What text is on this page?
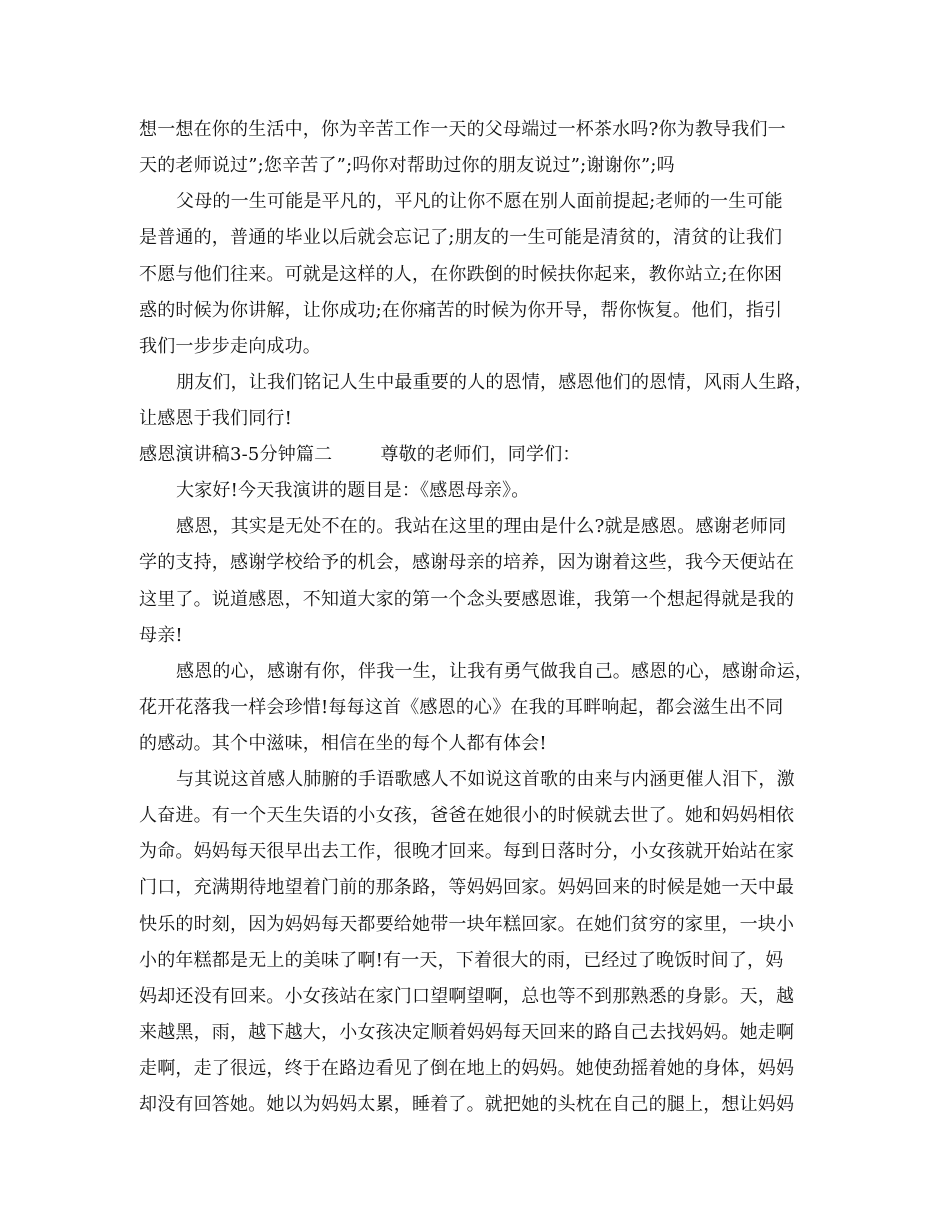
想一想在你的生活中，你为辛苦工作一天的父母端过一杯茶水吗?你为教导我们一
天的老师说过”;您辛苦了”;吗你对帮助过你的朋友说过”;谢谢你”;吗
父母的一生可能是平凡的，平凡的让你不愿在别人面前提起;老师的一生可能
是普通的，普通的毕业以后就会忘记了;朋友的一生可能是清贫的，清贫的让我们
不愿与他们往来。可就是这样的人，在你跌倒的时候扶你起来，教你站立;在你困
惑的时候为你讲解，让你成功;在你痛苦的时候为你开导，帮你恢复。他们，指引
我们一步步走向成功。
朋友们，让我们铭记人生中最重要的人的恩情，感恩他们的恩情，风雨人生路，
让感恩于我们同行!
感恩演讲稿3-5分钟篇二	尊敬的老师们，同学们：
大家好!今天我演讲的题目是：《感恩母亲》。
感恩，其实是无处不在的。我站在这里的理由是什么?就是感恩。感谢老师同
学的支持，感谢学校给予的机会，感谢母亲的培养，因为谢着这些，我今天便站在
这里了。说道感恩，不知道大家的第一个念头要感恩谁，我第一个想起得就是我的
母亲!
感恩的心，感谢有你，伴我一生，让我有勇气做我自己。感恩的心，感谢命运，
花开花落我一样会珍惜!每每这首《感恩的心》在我的耳畔响起，都会滋生出不同
的感动。其个中滋味，相信在坐的每个人都有体会!
与其说这首感人肺腑的手语歌感人不如说这首歌的由来与内涵更催人泪下，激
人奋进。有一个天生失语的小女孩，爸爸在她很小的时候就去世了。她和妈妈相依
为命。妈妈每天很早出去工作，很晚才回来。每到日落时分，小女孩就开始站在家
门口，充满期待地望着门前的那条路，等妈妈回家。妈妈回来的时候是她一天中最
快乐的时刻，因为妈妈每天都要给她带一块年糕回家。在她们贫穷的家里，一块小
小的年糕都是无上的美味了啊!有一天，下着很大的雨，已经过了晚饭时间了，妈
妈却还没有回来。小女孩站在家门口望啊望啊，总也等不到那熟悉的身影。天，越
来越黑，雨，越下越大，小女孩决定顺着妈妈每天回来的路自己去找妈妈。她走啊
走啊，走了很远，终于在路边看见了倒在地上的妈妈。她使劲摇着她的身体，妈妈
却没有回答她。她以为妈妈太累，睡着了。就把她的头枕在自己的腿上，想让妈妈
